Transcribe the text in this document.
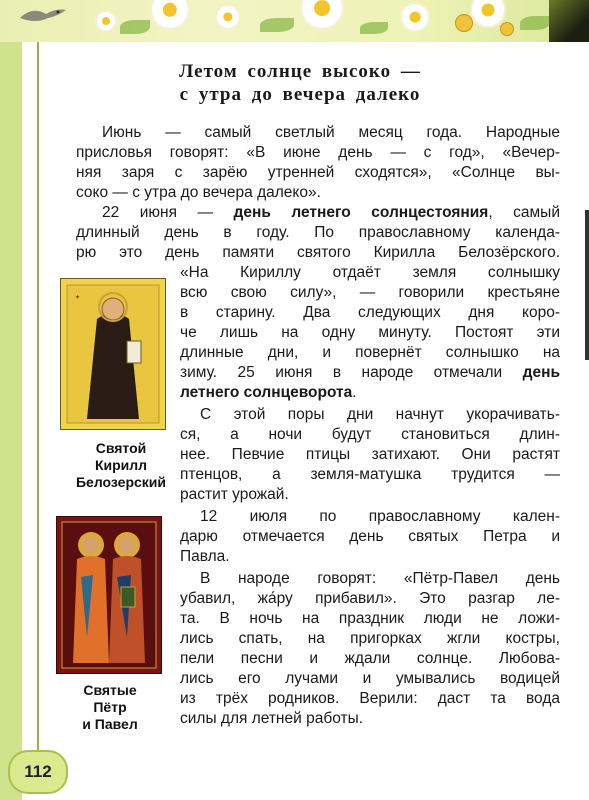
112
Летом солнце высоко —
с утра до вечера далеко
Июнь — самый светлый месяц года. Народные
присловья говорят: «В июне день — с год», «Вечер-
няя заря с зарёю утренней сходятся», «Солнце вы-
соко — с утра до вечера далеко».
22 июня — день летнего солнцестояния, самый
длинный день в году. По православному календа-
рю это день памяти святого Кирилла Белозёрского.
✦
Святой
Кирилл
Белозерский
«На Кириллу отдаёт земля солнышку
всю свою силу», — говорили крестьяне
в старину. Два следующих дня коро-
че лишь на одну минуту. Постоят эти
длинные дни, и повернёт солнышко на
зиму. 25 июня в народе отмечали день
летнего солнцеворота.
С этой поры дни начнут укорачивать-
ся, а ночи будут становиться длин-
нее. Певчие птицы затихают. Они растят
птенцов, а земля-матушка трудится —
растит урожай.
12 июля по православному кален-
дарю отмечается день святых Петра и
Павла.
В народе говорят: «Пётр-Павел день
убавил, жа́ру прибавил». Это разгар ле-
та. В ночь на праздник люди не ложи-
лись спать, на пригорках жгли костры,
пели песни и ждали солнце. Любова-
лись его лучами и умывались водицей
из трёх родников. Верили: даст та вода
силы для летней работы.
Святые
Пётр
и Павел
